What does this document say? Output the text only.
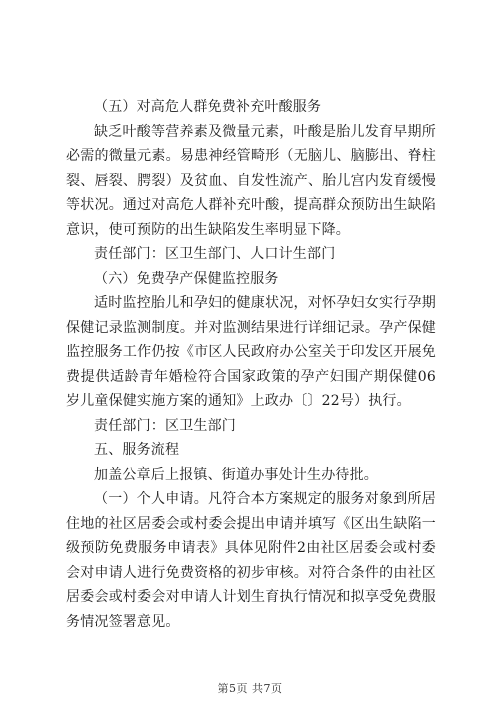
（五）对高危人群免费补充叶酸服务

缺乏叶酸等营养素及微量元素，叶酸是胎儿发育早期所必需的微量元素。易患神经管畸形（无脑儿、脑膨出、脊柱裂、唇裂、腭裂）及贫血、自发性流产、胎儿宫内发育缓慢等状况。通过对高危人群补充叶酸，提高群众预防出生缺陷意识，使可预防的出生缺陷发生率明显下降。

责任部门：区卫生部门、人口计生部门

（六）免费孕产保健监控服务

适时监控胎儿和孕妇的健康状况，对怀孕妇女实行孕期保健记录监测制度。并对监测结果进行详细记录。孕产保健监控服务工作仍按《市区人民政府办公室关于印发区开展免费提供适龄青年婚检符合国家政策的孕产妇围产期保健06岁儿童保健实施方案的通知》上政办〔〕22号）执行。

责任部门：区卫生部门

五、服务流程

加盖公章后上报镇、街道办事处计生办待批。

（一）个人申请。凡符合本方案规定的服务对象到所居住地的社区居委会或村委会提出申请并填写《区出生缺陷一级预防免费服务申请表》具体见附件2由社区居委会或村委会对申请人进行免费资格的初步审核。对符合条件的由社区居委会或村委会对申请人计划生育执行情况和拟享受免费服务情况签署意见。

第5页 共7页
